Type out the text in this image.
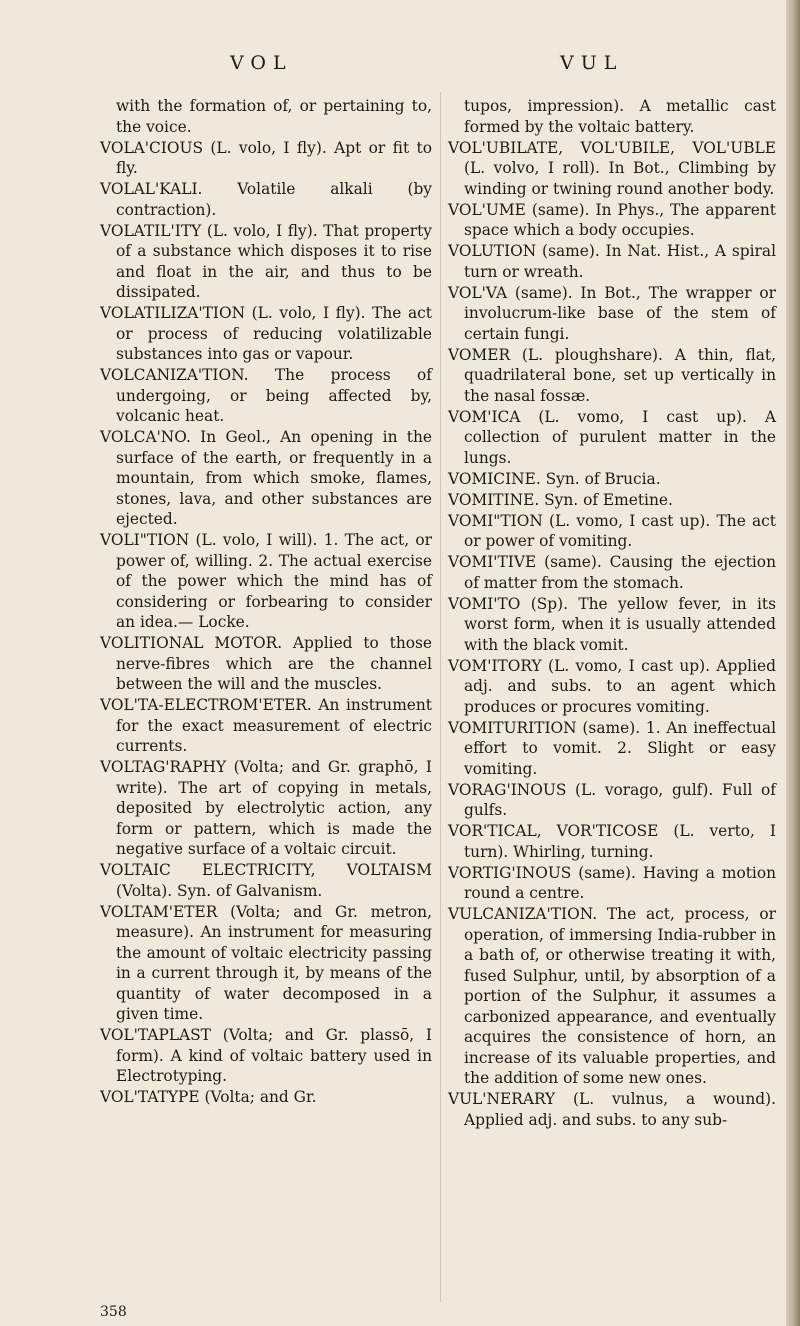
VOL	VUL

with the formation of, or pertaining to, the voice.

VOLA'CIOUS (L. volo, I fly). Apt or fit to fly.

VOLAL'KALI. Volatile alkali (by contraction).

VOLATIL'ITY (L. volo, I fly). That property of a substance which disposes it to rise and float in the air, and thus to be dissipated.

VOLATILIZA'TION (L. volo, I fly). The act or process of reducing volatilizable substances into gas or vapour.

VOLCANIZA'TION. The process of undergoing, or being affected by, volcanic heat.

VOLCA'NO. In Geol., An opening in the surface of the earth, or frequently in a mountain, from which smoke, flames, stones, lava, and other substances are ejected.

VOLI"TION (L. volo, I will). 1. The act, or power of, willing. 2. The actual exercise of the power which the mind has of considering or forbearing to consider an idea.— Locke.

VOLITIONAL MOTOR. Applied to those nerve-fibres which are the channel between the will and the muscles.

VOL'TA-ELECTROM'ETER. An instrument for the exact measurement of electric currents.

VOLTAG'RAPHY (Volta; and Gr. graphō, I write). The art of copying in metals, deposited by electrolytic action, any form or pattern, which is made the negative surface of a voltaic circuit.

VOLTAIC ELECTRICITY, VOLTAISM (Volta). Syn. of Galvanism.

VOLTAM'ETER (Volta; and Gr. metron, measure). An instrument for measuring the amount of voltaic electricity passing in a current through it, by means of the quantity of water decomposed in a given time.

VOL'TAPLAST (Volta; and Gr. plassō, I form). A kind of voltaic battery used in Electrotyping.

VOL'TATYPE (Volta; and Gr.

tupos, impression). A metallic cast formed by the voltaic battery.

VOL'UBILATE, VOL'UBILE, VOL'UBLE (L. volvo, I roll). In Bot., Climbing by winding or twining round another body.

VOL'UME (same). In Phys., The apparent space which a body occupies.

VOLUTION (same). In Nat. Hist., A spiral turn or wreath.

VOL'VA (same). In Bot., The wrapper or involucrum-like base of the stem of certain fungi.

VOMER (L. ploughshare). A thin, flat, quadrilateral bone, set up vertically in the nasal fossæ.

VOM'ICA (L. vomo, I cast up). A collection of purulent matter in the lungs.

VOMICINE. Syn. of Brucia.

VOMITINE. Syn. of Emetine.

VOMI"TION (L. vomo, I cast up). The act or power of vomiting.

VOMI'TIVE (same). Causing the ejection of matter from the stomach.

VOMI'TO (Sp). The yellow fever, in its worst form, when it is usually attended with the black vomit.

VOM'ITORY (L. vomo, I cast up). Applied adj. and subs. to an agent which produces or procures vomiting.

VOMITURITION (same). 1. An ineffectual effort to vomit. 2. Slight or easy vomiting.

VORAG'INOUS (L. vorago, gulf). Full of gulfs.

VOR'TICAL, VOR'TICOSE (L. verto, I turn). Whirling, turning.

VORTIG'INOUS (same). Having a motion round a centre.

VULCANIZA'TION. The act, process, or operation, of immersing India-rubber in a bath of, or otherwise treating it with, fused Sulphur, until, by absorption of a portion of the Sulphur, it assumes a carbonized appearance, and eventually acquires the consistence of horn, an increase of its valuable properties, and the addition of some new ones.

VUL'NERARY (L. vulnus, a wound). Applied adj. and subs. to any sub-

358
